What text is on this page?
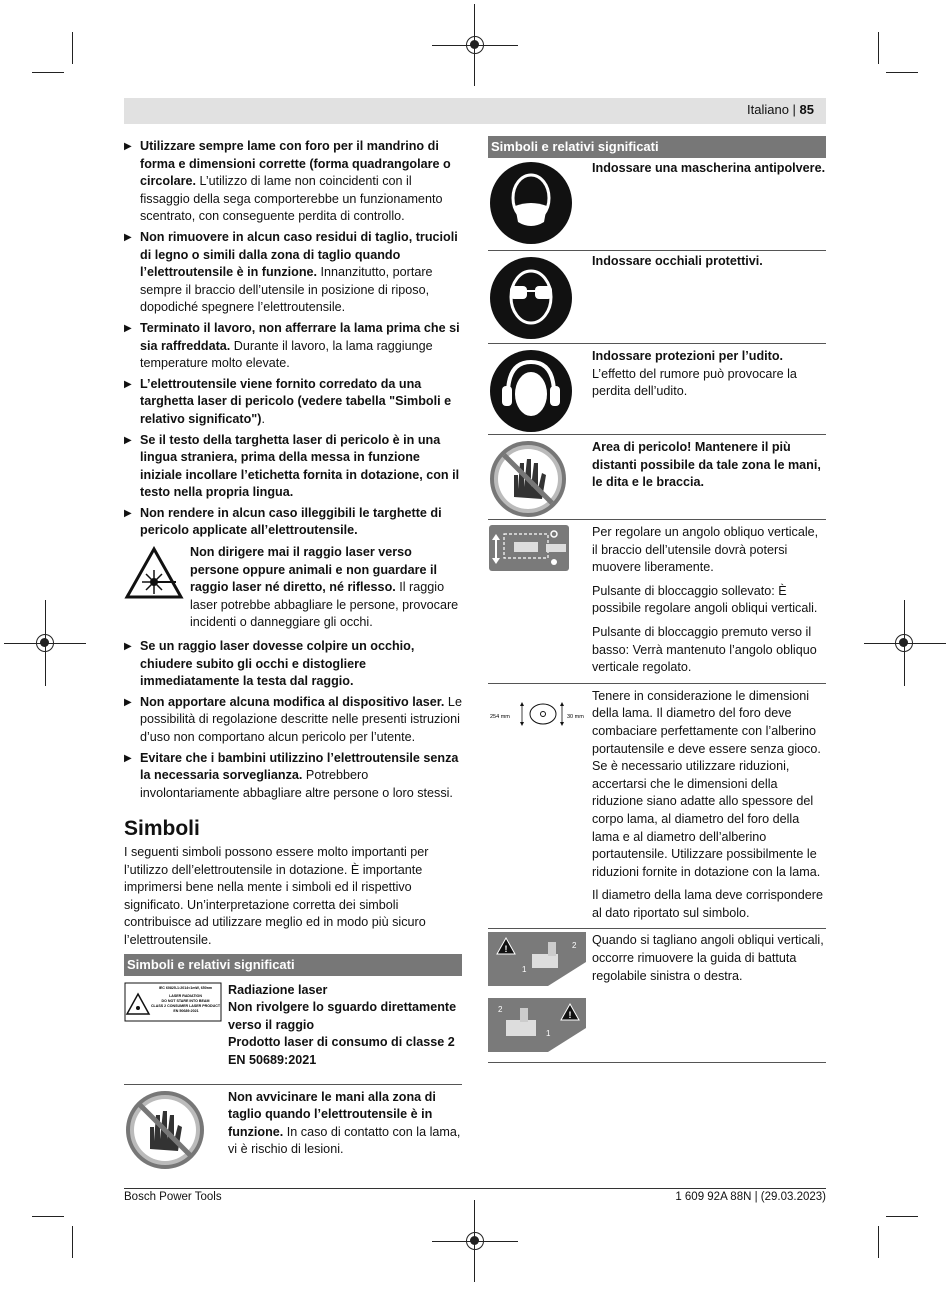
Italiano | 85
▶ Utilizzare sempre lame con foro per il mandrino di forma e dimensioni corrette (forma quadrangolare o circolare. L’utilizzo di lame non coincidenti con il fissaggio della sega comporterebbe un funzionamento scentrato, con conseguente perdita di controllo.
▶ Non rimuovere in alcun caso residui di taglio, trucioli di legno o simili dalla zona di taglio quando l’elettroutensile è in funzione. Innanzitutto, portare sempre il braccio dell’utensile in posizione di riposo, dopodiché spegnere l’elettroutensile.
▶ Terminato il lavoro, non afferrare la lama prima che si sia raffreddata. Durante il lavoro, la lama raggiunge temperature molto elevate.
▶ L’elettroutensile viene fornito corredato da una targhetta laser di pericolo (vedere tabella "Simboli e relativo significato").
▶ Se il testo della targhetta laser di pericolo è in una lingua straniera, prima della messa in funzione iniziale incollare l’etichetta fornita in dotazione, con il testo nella propria lingua.
▶ Non rendere in alcun caso illeggibili le targhette di pericolo applicate all’elettroutensile.
Non dirigere mai il raggio laser verso persone oppure animali e non guardare il raggio laser né diretto, né riflesso. Il raggio laser potrebbe abbagliare le persone, provocare incidenti o danneggiare gli occhi.
▶ Se un raggio laser dovesse colpire un occhio, chiudere subito gli occhi e distogliere immediatamente la testa dal raggio.
▶ Non apportare alcuna modifica al dispositivo laser. Le possibilità di regolazione descritte nelle presenti istruzioni d’uso non comportano alcun pericolo per l’utente.
▶ Evitare che i bambini utilizzino l’elettroutensile senza la necessaria sorveglianza. Potrebbero involontariamente abbagliare altre persone o loro stessi.
Simboli

I seguenti simboli possono essere molto importanti per l’utilizzo dell’elettroutensile in dotazione. È importante imprimersi bene nella mente i simboli ed il rispettivo significato. Un’interpretazione corretta dei simboli contribuisce ad utilizzare meglio ed in modo più sicuro l’elettroutensile.

Simboli e relativi significati
IEC 60825-1:2014<1mW, 650nm LASER RADIATION DO NOT STARE INTO BEAM CLASS 2 CONSUMER LASER PRODUCT EN 50689:2021
Radiazione laser
Non rivolgere lo sguardo direttamente verso il raggio
Prodotto laser di consumo di classe 2
EN 50689:2021
Non avvicinare le mani alla zona di taglio quando l’elettroutensile è in funzione. In caso di contatto con la lama, vi è rischio di lesioni.
Simboli e relativi significati
Indossare una mascherina antipolvere.
Indossare occhiali protettivi.
Indossare protezioni per l’udito. L’effetto del rumore può provocare la perdita dell’udito.
Area di pericolo! Mantenere il più distanti possibile da tale zona le mani, le dita e le braccia.

Per regolare un angolo obliquo verticale, il braccio dell’utensile dovrà potersi muovere liberamente.

Pulsante di bloccaggio sollevato: È possibile regolare angoli obliqui verticali.

Pulsante di bloccaggio premuto verso il basso: Verrà mantenuto l’angolo obliquo verticale regolato.

254 mm	30 mm

Tenere in considerazione le dimensioni della lama. Il diametro del foro deve combaciare perfettamente con l’alberino portautensile e deve essere senza gioco. Se è necessario utilizzare riduzioni, accertarsi che le dimensioni della riduzione siano adatte allo spessore del corpo lama, al diametro del foro della lama e al diametro dell’alberino portautensile. Utilizzare possibilmente le riduzioni fornite in dotazione con la lama.

Il diametro della lama deve corrispondere al dato riportato sul simbolo.

!	2
1

!
2
1

Quando si tagliano angoli obliqui verticali, occorre rimuovere la guida di battuta regolabile sinistra o destra.

Bosch Power Tools	1 609 92A 88N | (29.03.2023)
